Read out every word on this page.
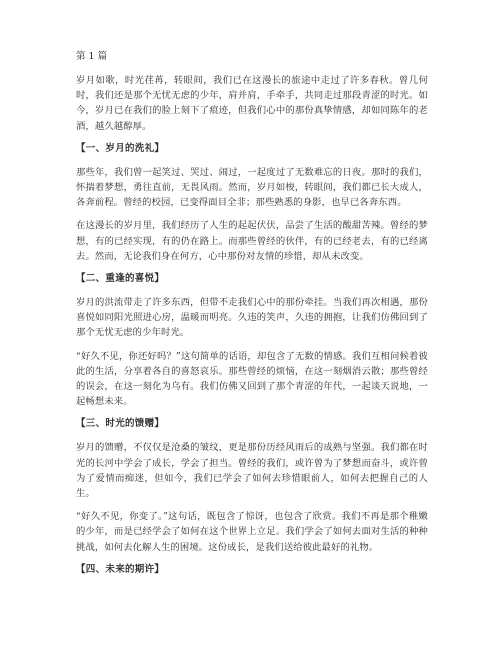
第 1 篇

岁月如歌，时光荏苒，转眼间，我们已在这漫长的旅途中走过了许多春秋。曾几何时，我们还是那个无忧无虑的少年，肩并肩，手牵手，共同走过那段青涩的时光。如今，岁月已在我们的脸上刻下了痕迹，但我们心中的那份真挚情感，却如同陈年的老酒，越久越醇厚。

【一、岁月的洗礼】

那些年，我们曾一起笑过、哭过、闹过，一起度过了无数难忘的日夜。那时的我们，怀揣着梦想，勇往直前，无畏风雨。然而，岁月如梭，转眼间，我们都已长大成人，各奔前程。曾经的校园，已变得面目全非；那些熟悉的身影，也早已各奔东西。

在这漫长的岁月里，我们经历了人生的起起伏伏，品尝了生活的酸甜苦辣。曾经的梦想，有的已经实现，有的仍在路上。而那些曾经的伙伴，有的已经老去，有的已经离去。然而，无论我们身在何方，心中那份对友情的珍惜，却从未改变。

【二、重逢的喜悦】

岁月的洪流带走了许多东西，但带不走我们心中的那份牵挂。当我们再次相遇，那份喜悦如同阳光照进心房，温暖而明亮。久违的笑声，久违的拥抱，让我们仿佛回到了那个无忧无虑的少年时光。

“好久不见，你还好吗？”这句简单的话语，却包含了无数的情感。我们互相问候着彼此的生活，分享着各自的喜怒哀乐。那些曾经的烦恼，在这一刻烟消云散；那些曾经的误会，在这一刻化为乌有。我们仿佛又回到了那个青涩的年代，一起谈天说地，一起畅想未来。

【三、时光的馈赠】

岁月的馈赠，不仅仅是沧桑的皱纹，更是那份历经风雨后的成熟与坚强。我们都在时光的长河中学会了成长，学会了担当。曾经的我们，或许曾为了梦想而奋斗，或许曾为了爱情而痴迷，但如今，我们已学会了如何去珍惜眼前人，如何去把握自己的人生。

“好久不见，你变了。”这句话，既包含了惊讶，也包含了欣赏。我们不再是那个稚嫩的少年，而是已经学会了如何在这个世界上立足。我们学会了如何去面对生活的种种挑战，如何去化解人生的困境。这份成长，是我们送给彼此最好的礼物。

【四、未来的期许】
